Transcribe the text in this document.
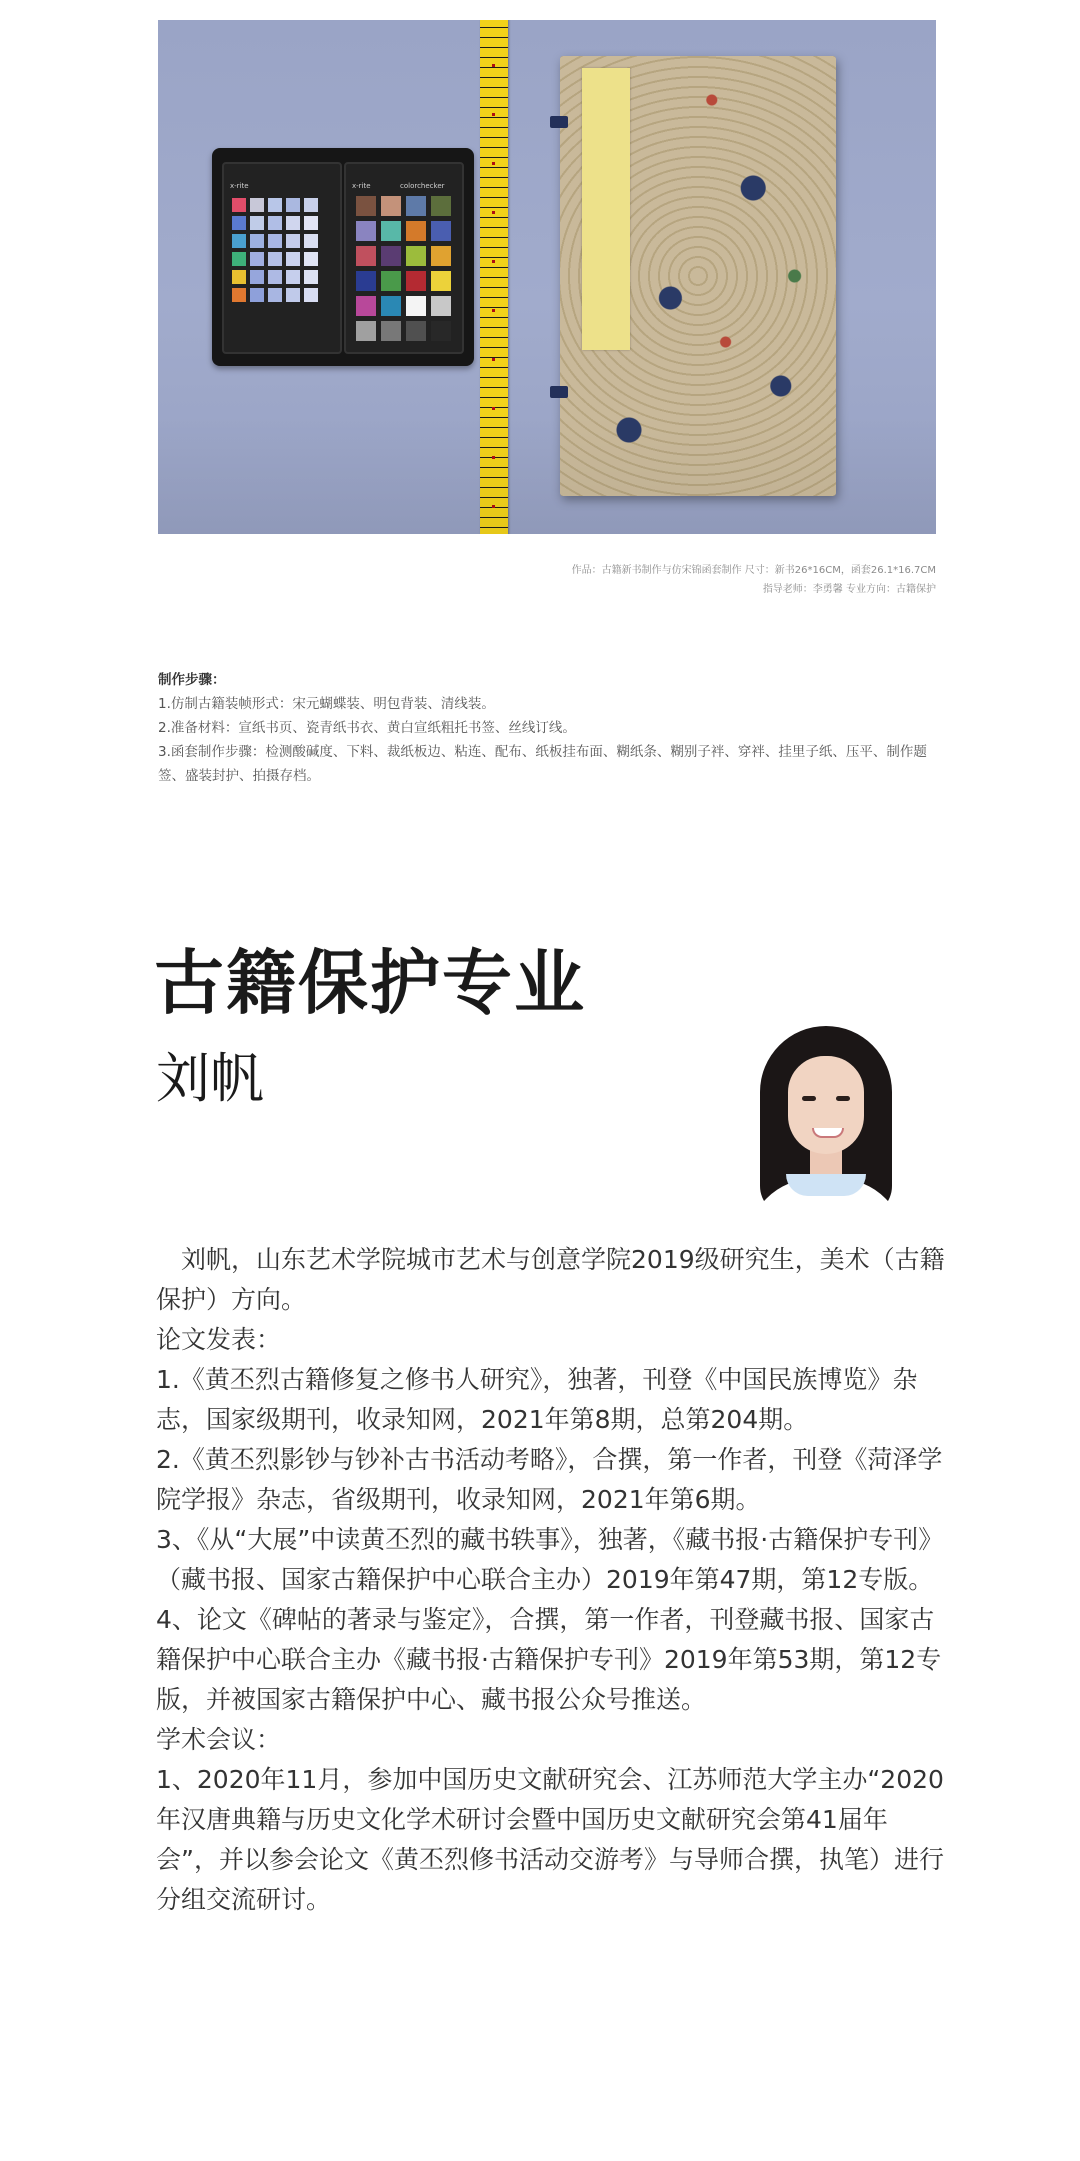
x-rite	x-rite	colorchecker
作品：古籍新书制作与仿宋锦函套制作 尺寸：新书26*16CM，函套26.1*16.7CM
指导老师：李勇馨 专业方向：古籍保护

制作步骤：

1.仿制古籍装帧形式：宋元蝴蝶装、明包背装、清线装。

2.准备材料：宣纸书页、瓷青纸书衣、黄白宣纸粗托书签、丝线订线。

3.函套制作步骤：检测酸碱度、下料、裁纸板边、粘连、配布、纸板挂布面、糊纸条、糊别子袢、穿袢、挂里子纸、压平、制作题签、盛装封护、拍摄存档。

古籍保护专业
刘帆

　刘帆，山东艺术学院城市艺术与创意学院2019级研究生，美术（古籍保护）方向。

论文发表：

1.《黄丕烈古籍修复之修书人研究》，独著，刊登《中国民族博览》杂志，国家级期刊，收录知网，2021年第8期，总第204期。

2.《黄丕烈影钞与钞补古书活动考略》，合撰，第一作者，刊登《菏泽学院学报》杂志，省级期刊，收录知网，2021年第6期。

3、《从“大展”中读黄丕烈的藏书轶事》，独著，《藏书报·古籍保护专刊》（藏书报、国家古籍保护中心联合主办）2019年第47期，第12专版。

4、论文《碑帖的著录与鉴定》，合撰，第一作者，刊登藏书报、国家古籍保护中心联合主办《藏书报·古籍保护专刊》2019年第53期，第12专版，并被国家古籍保护中心、藏书报公众号推送。

学术会议：

1、2020年11月，参加中国历史文献研究会、江苏师范大学主办“2020年汉唐典籍与历史文化学术研讨会暨中国历史文献研究会第41届年会”，并以参会论文《黄丕烈修书活动交游考》与导师合撰，执笔）进行分组交流研讨。
